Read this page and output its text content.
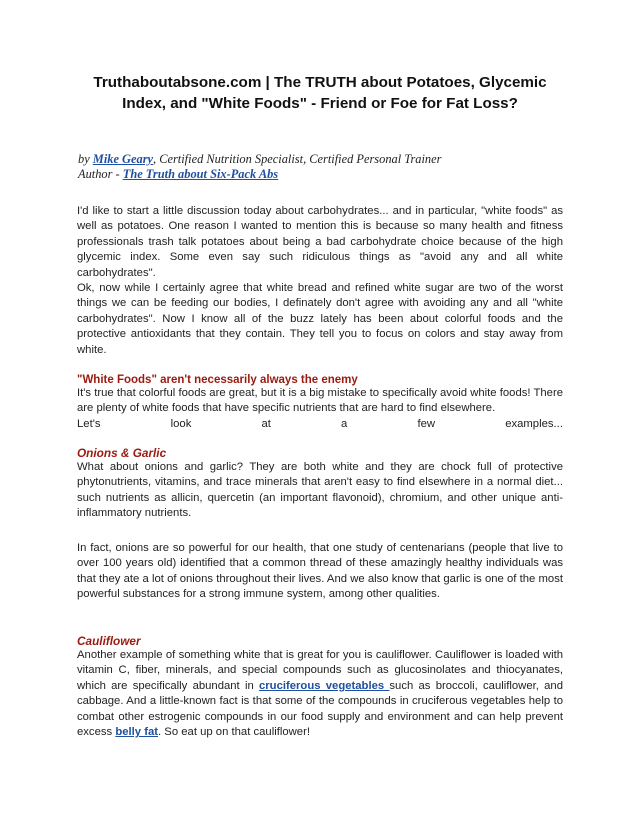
Truthaboutabsone.com | The TRUTH about Potatoes, Glycemic Index, and "White Foods" - Friend or Foe for Fat Loss?
by Mike Geary, Certified Nutrition Specialist, Certified Personal Trainer
Author - The Truth about Six-Pack Abs

I'd like to start a little discussion today about carbohydrates... and in particular, "white foods" as well as potatoes. One reason I wanted to mention this is because so many health and fitness professionals trash talk potatoes about being a bad carbohydrate choice because of the high glycemic index. Some even say such ridiculous things as "avoid any and all white carbohydrates".

Ok, now while I certainly agree that white bread and refined white sugar are two of the worst things we can be feeding our bodies, I definately don't agree with avoiding any and all "white carbohydrates". Now I know all of the buzz lately has been about colorful foods and the protective antioxidants that they contain. They tell you to focus on colors and stay away from white.

"White Foods" aren't necessarily always the enemy

It's true that colorful foods are great, but it is a big mistake to specifically avoid white foods! There are plenty of white foods that have specific nutrients that are hard to find elsewhere.

Let's	look	at	a	few	examples...
Onions & Garlic

What about onions and garlic? They are both white and they are chock full of protective phytonutrients, vitamins, and trace minerals that aren't easy to find elsewhere in a normal diet... such nutrients as allicin, quercetin (an important flavonoid), chromium, and other unique anti-inflammatory nutrients.

In fact, onions are so powerful for our health, that one study of centenarians (people that live to over 100 years old) identified that a common thread of these amazingly healthy individuals was that they ate a lot of onions throughout their lives. And we also know that garlic is one of the most powerful substances for a strong immune system, among other qualities.

Cauliflower

Another example of something white that is great for you is cauliflower. Cauliflower is loaded with vitamin C, fiber, minerals, and special compounds such as glucosinolates and thiocyanates, which are specifically abundant in cruciferous vegetables such as broccoli, cauliflower, and cabbage. And a little-known fact is that some of the compounds in cruciferous vegetables help to combat other estrogenic compounds in our food supply and environment and can help prevent excess belly fat. So eat up on that cauliflower!
